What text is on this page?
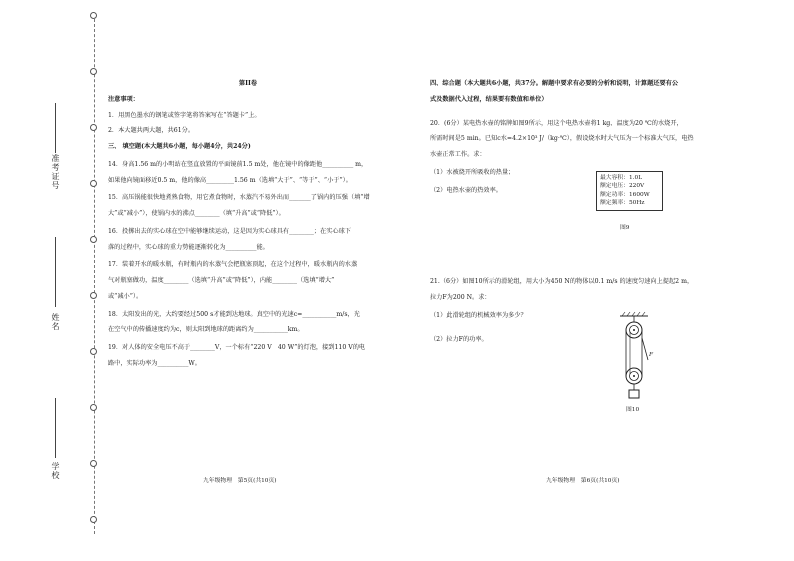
准考证号
姓名
学校
第II卷
注意事项：
1．用黑色墨水的钢笔或签字笔将答案写在“答题卡”上。
2．本大题共两大题，共61分。
三、 填空题(本大题共6小题，每小题4分，共24分)
14．身高1.56 m的小明站在竖直放置的平面镜前1.5 m处，他在镜中的像距他__________ m，
如果他向镜面移近0.5 m，他的像高_________1.56 m（选填“大于”、“等于”、“小于”）。
15．高压锅能很快地煮熟食物，用它煮食物时，水蒸汽不易外出而_______了锅内的压强（填“增
大”或“减小”），使锅内水的沸点________（填“升高”或“降低”）。
16．投掷出去的实心球在空中能够继续运动，这是因为实心球具有________；在实心球下
落的过程中，实心球的重力势能逐渐转化为__________能。
17．装着开水的暖水瓶，有时瓶内的水蒸气会把瓶塞顶起，在这个过程中，暖水瓶内的水蒸
气对瓶塞做功，温度________（选填“升高”或“降低”），内能________（选填“增大”
或“减小”）。
18．太阳发出的光，大约要经过500 s才能到达地球。真空中的光速c=___________m/s，光
在空气中的传播速度约为c，则太阳到地球的距离约为___________km。
19．对人体的安全电压不高于________V，一个标有“220 V　40 W”的灯泡，接到110 V的电
路中，实际功率为__________W。
九年级物理　第5页(共10页)
四、综合题（本大题共6小题，共37分。解题中要求有必要的分析和说明，计算题还要有公
式及数据代入过程，结果要有数值和单位）
20．(6分）某电热水壶的铭牌如图9所示，用这个电热水壶将1 kg、温度为20 ℃的水烧开，
所需时间是5 min。已知c水=4.2×10³ J/（kg·℃），假设烧水时大气压为一个标准大气压，电热
水壶正常工作。求：
（1）水被烧开所吸收的热量；
（2）电热水壶的热效率。
21.（6分）如图10所示的滑轮组，用大小为450 N的物体以0.1 m/s 的速度匀速向上提起2 m，
拉力F为200 N。求：
（1）此滑轮组的机械效率为多少？
（2）拉力F的功率。
最大容积：1.0L
额定电压：220V
额定功率：1600W
额定频率：50Hz
图9
F
图10
九年级物理　第6页(共10页)
